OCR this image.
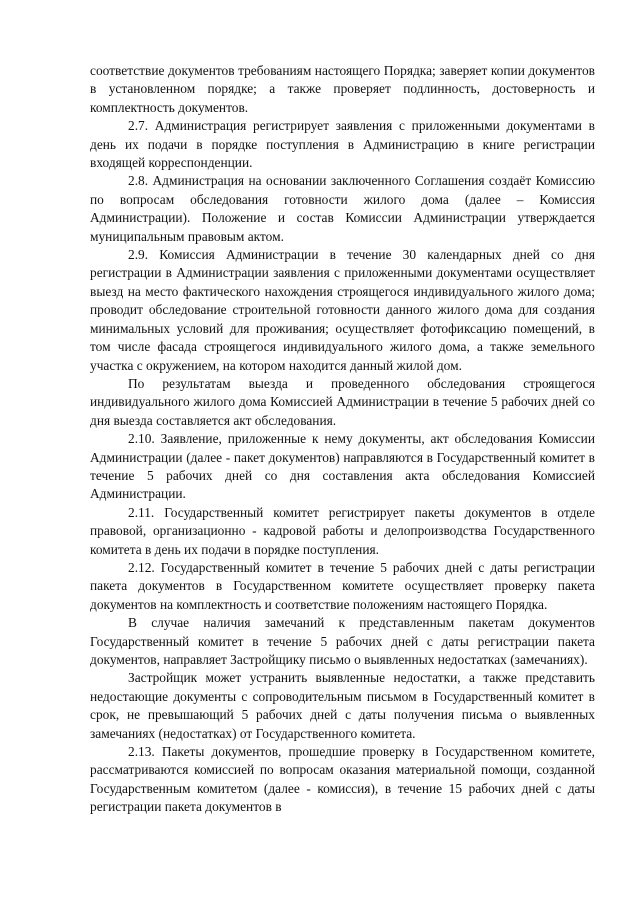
соответствие документов требованиям настоящего Порядка; заверяет копии документов в установленном порядке; а также проверяет подлинность, достоверность и комплектность документов.

2.7. Администрация регистрирует заявления с приложенными документами в день их подачи в порядке поступления в Администрацию в книге регистрации входящей корреспонденции.

2.8. Администрация на основании заключенного Соглашения создаёт Комиссию по вопросам обследования готовности жилого дома (далее – Комиссия Администрации). Положение и состав Комиссии Администрации утверждается муниципальным правовым актом.

2.9. Комиссия Администрации в течение 30 календарных дней со дня регистрации в Администрации заявления с приложенными документами осуществляет выезд на место фактического нахождения строящегося индивидуального жилого дома; проводит обследование строительной готовности данного жилого дома для создания минимальных условий для проживания; осуществляет фотофиксацию помещений, в том числе фасада строящегося индивидуального жилого дома, а также земельного участка с окружением, на котором находится данный жилой дом.

По результатам выезда и проведенного обследования строящегося индивидуального жилого дома Комиссией Администрации в течение 5 рабочих дней со дня выезда составляется акт обследования.

2.10. Заявление, приложенные к нему документы, акт обследования Комиссии Администрации (далее - пакет документов) направляются в Государственный комитет в течение 5 рабочих дней со дня составления акта обследования Комиссией Администрации.

2.11. Государственный комитет регистрирует пакеты документов в отделе правовой, организационно - кадровой работы и делопроизводства Государственного комитета в день их подачи в порядке поступления.

2.12. Государственный комитет в течение 5 рабочих дней с даты регистрации пакета документов в Государственном комитете осуществляет проверку пакета документов на комплектность и соответствие положениям настоящего Порядка.

В случае наличия замечаний к представленным пакетам документов Государственный комитет в течение 5 рабочих дней с даты регистрации пакета документов, направляет Застройщику письмо о выявленных недостатках (замечаниях).

Застройщик может устранить выявленные недостатки, а также представить недостающие документы с сопроводительным письмом в Государственный комитет в срок, не превышающий 5 рабочих дней с даты получения письма о выявленных замечаниях (недостатках) от Государственного комитета.

2.13. Пакеты документов, прошедшие проверку в Государственном комитете, рассматриваются комиссией по вопросам оказания материальной помощи, созданной Государственным комитетом (далее - комиссия), в течение 15 рабочих дней с даты регистрации пакета документов в
